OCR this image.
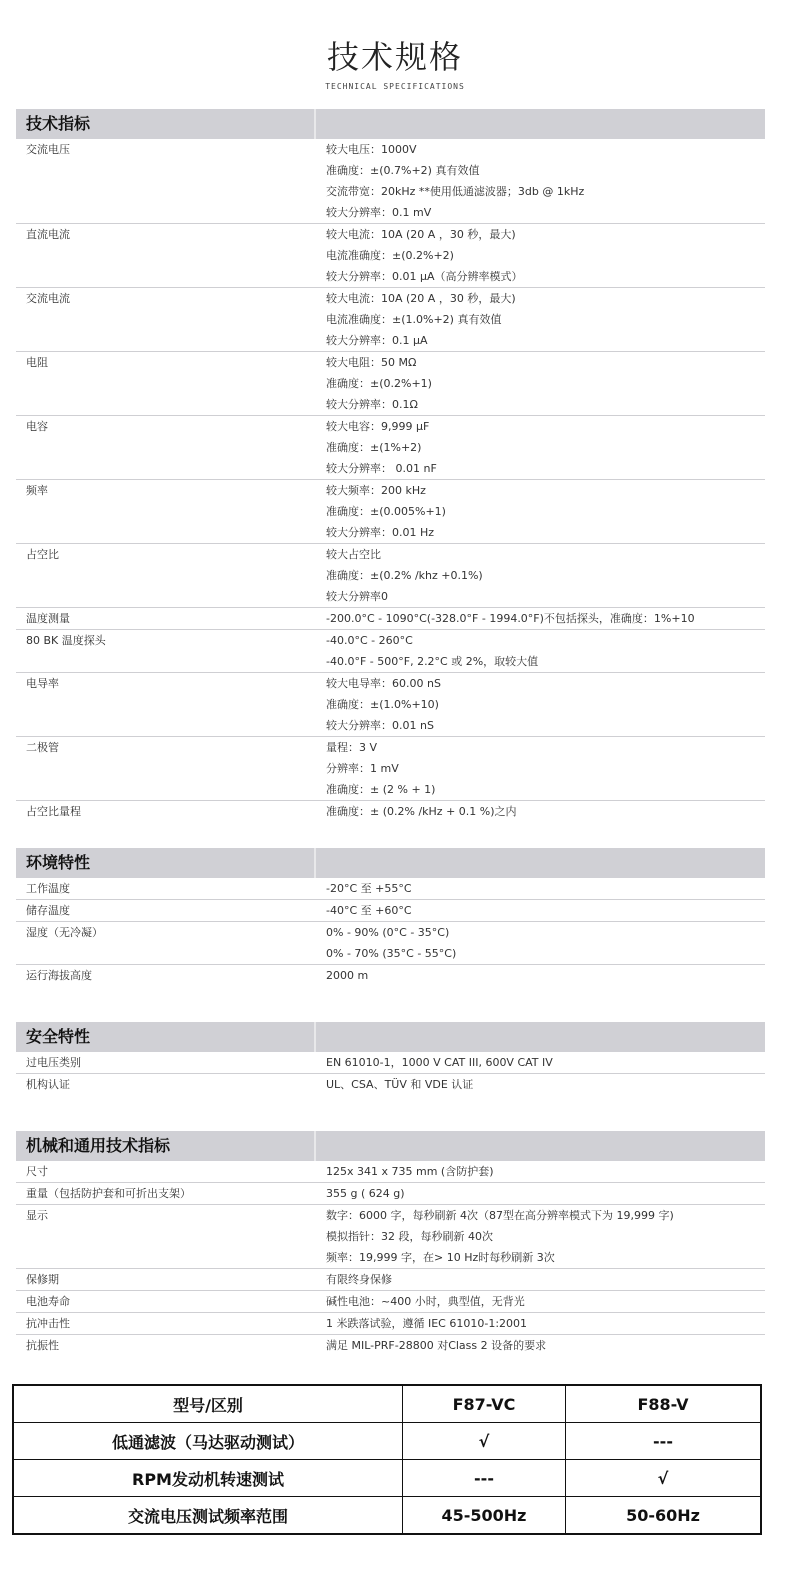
技术规格
TECHNICAL SPECIFICATIONS
技术指标
交流电压	较大电压：1000V
准确度：±(0.7%+2) 真有效值
交流带宽：20kHz **使用低通滤波器；3db @ 1kHz
较大分辨率：0.1 mV
直流电流	较大电流：10A (20 A ，30 秒，最大)
电流准确度：±(0.2%+2)
较大分辨率：0.01 µA（高分辨率模式）
交流电流	较大电流：10A (20 A ，30 秒，最大)
电流准确度：±(1.0%+2) 真有效值
较大分辨率：0.1 µA
电阻	较大电阻：50 MΩ
准确度：±(0.2%+1)
较大分辨率：0.1Ω
电容	较大电容：9,999 µF
准确度：±(1%+2)
较大分辨率： 0.01 nF
频率	较大频率：200 kHz
准确度：±(0.005%+1)
较大分辨率：0.01 Hz
占空比	较大占空比
准确度：±(0.2% /khz +0.1%)
较大分辨率0
温度测量	-200.0°C - 1090°C(-328.0°F - 1994.0°F)不包括探头，准确度：1%+10
80 BK 温度探头	-40.0°C - 260°C
-40.0°F - 500°F, 2.2°C 或 2%，取较大值
电导率	较大电导率：60.00 nS
准确度：±(1.0%+10)
较大分辨率：0.01 nS
二极管	量程：3 V
分辨率：1 mV
准确度：± (2 % + 1)
占空比量程	准确度：± (0.2% /kHz + 0.1 %)之内
环境特性
工作温度	-20°C 至 +55°C
储存温度	-40°C 至 +60°C
湿度（无冷凝）	0% - 90% (0°C - 35°C)
0% - 70% (35°C - 55°C)
运行海拔高度	2000 m
安全特性
过电压类别	EN 61010-1，1000 V CAT III, 600V CAT IV
机构认证	UL、CSA、TÜV 和 VDE 认证
机械和通用技术指标
尺寸	125x 341 x 735 mm (含防护套)
重量（包括防护套和可折出支架）	355 g ( 624 g)
显示	数字：6000 字，每秒刷新 4次（87型在高分辨率模式下为 19,999 字)
模拟指针：32 段，每秒刷新 40次
频率：19,999 字，在> 10 Hz时每秒刷新 3次
保修期	有限终身保修
电池寿命	碱性电池：~400 小时，典型值，无背光
抗冲击性	1 米跌落试验，遵循 IEC 61010-1:2001
抗振性	满足 MIL-PRF-28800 对Class 2 设备的要求
型号/区别	F87-VC	F88-V
低通滤波（马达驱动测试）	√	---
RPM发动机转速测试	---	√
交流电压测试频率范围	45-500Hz	50-60Hz
